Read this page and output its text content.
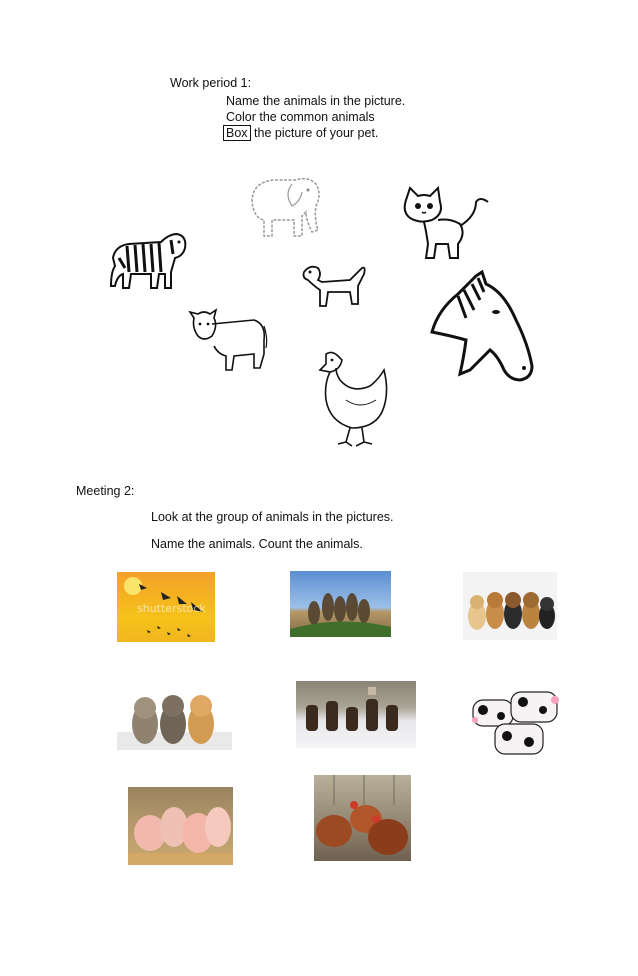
Work period 1:
Name the animals in the picture.
Color the common animals
Box the picture of your pet.
Meeting 2:
Look at the group of animals in the pictures.
Name the animals. Count the animals.
shutterstock
